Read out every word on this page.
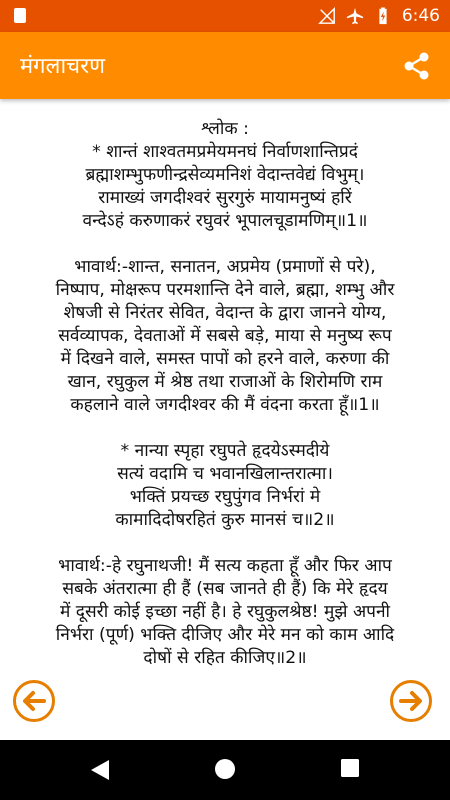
6:46
मंगलाचरण
श्लोक :
* शान्तं शाश्वतमप्रमेयमनघं निर्वाणशान्तिप्रदं
ब्रह्माशम्भुफणीन्द्रसेव्यमनिशं वेदान्तवेद्यं विभुम्।
रामाख्यं जगदीश्वरं सुरगुरुं मायामनुष्यं हरिं
वन्देऽहं करुणाकरं रघुवरं भूपालचूडामणिम्॥1॥
भावार्थ:-शान्त, सनातन, अप्रमेय (प्रमाणों से परे),
निष्पाप, मोक्षरूप परमशान्ति देने वाले, ब्रह्मा, शम्भु और
शेषजी से निरंतर सेवित, वेदान्त के द्वारा जानने योग्य,
सर्वव्यापक, देवताओं में सबसे बड़े, माया से मनुष्य रूप
में दिखने वाले, समस्त पापों को हरने वाले, करुणा की
खान, रघुकुल में श्रेष्ठ तथा राजाओं के शिरोमणि राम
कहलाने वाले जगदीश्वर की मैं वंदना करता हूँ॥1॥
* नान्या स्पृहा रघुपते हृदयेऽस्मदीये
सत्यं वदामि च भवानखिलान्तरात्मा।
भक्तिं प्रयच्छ रघुपुंगव निर्भरां मे
कामादिदोषरहितं कुरु मानसं च॥2॥
भावार्थ:-हे रघुनाथजी! मैं सत्य कहता हूँ और फिर आप
सबके अंतरात्मा ही हैं (सब जानते ही हैं) कि मेरे हृदय
में दूसरी कोई इच्छा नहीं है। हे रघुकुलश्रेष्ठ! मुझे अपनी
निर्भरा (पूर्ण) भक्ति दीजिए और मेरे मन को काम आदि
दोषों से रहित कीजिए॥2॥
